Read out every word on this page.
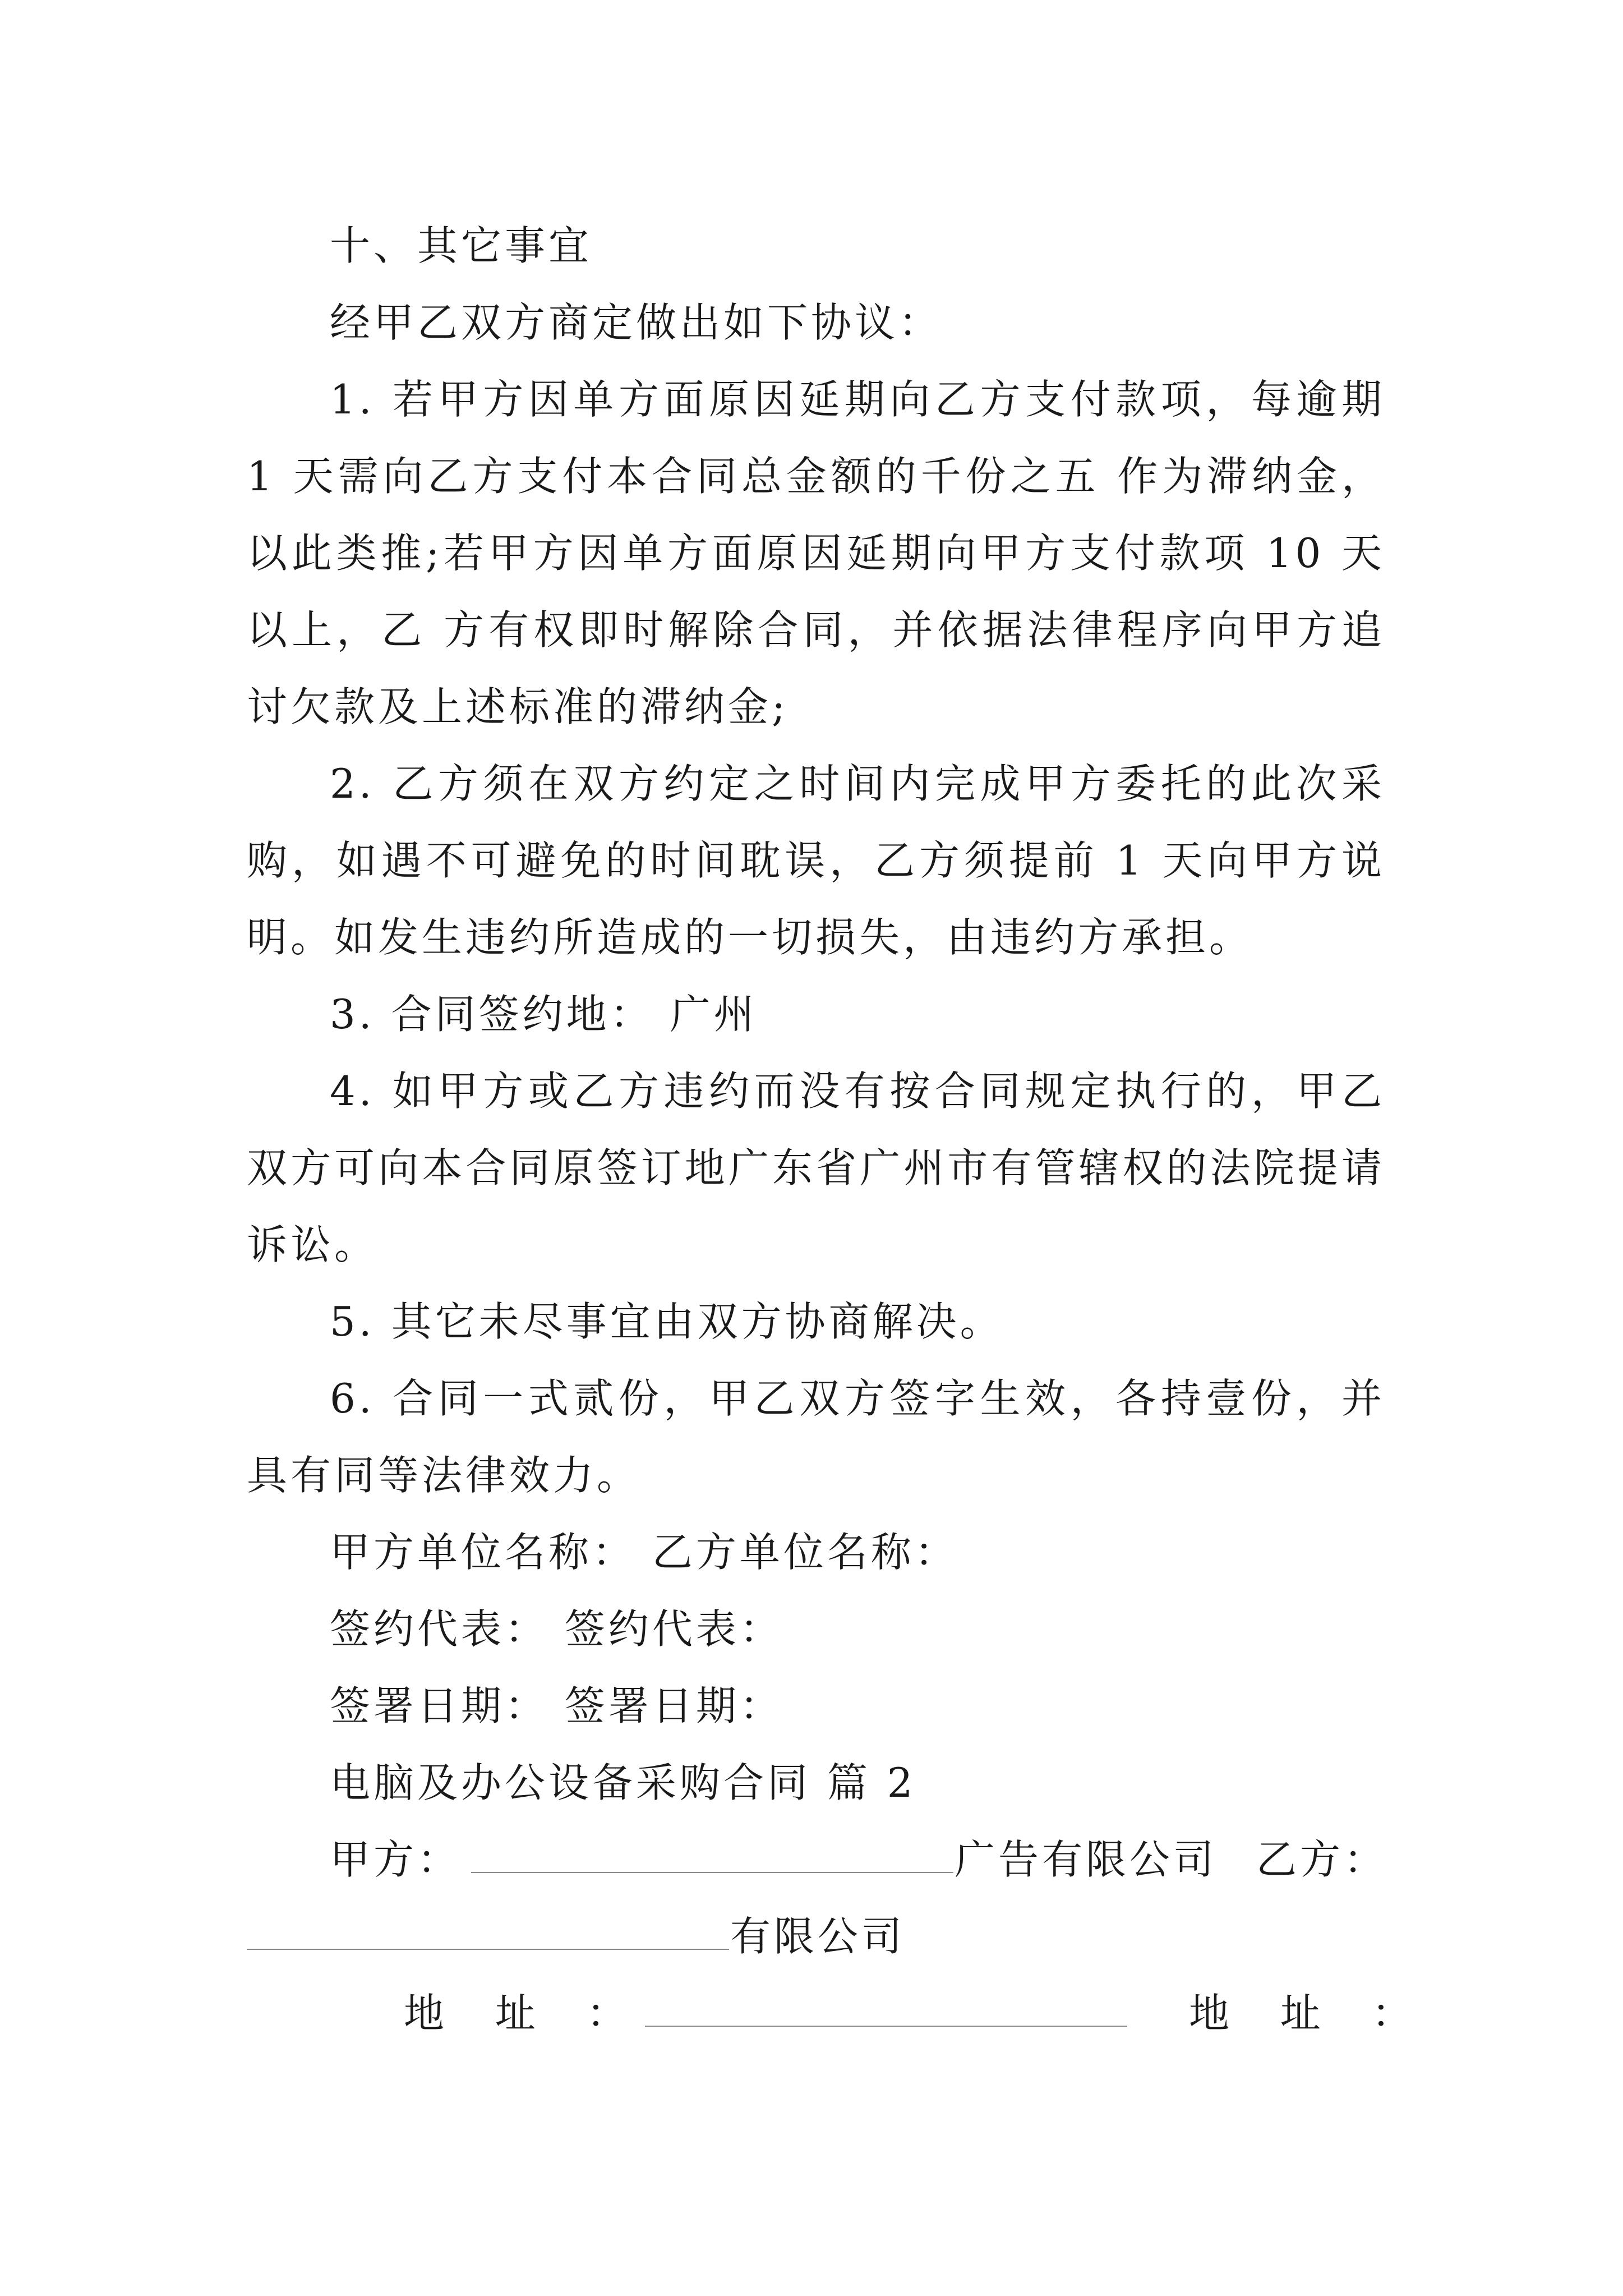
十、其它事宜

经甲乙双方商定做出如下协议：

1. 若甲方因单方面原因延期向乙方支付款项，每逾期 1 天需向乙方支付本合同总金额的千份之五 作为滞纳金，以此类推;若甲方因单方面原因延期向甲方支付款项 10 天以上，乙 方有权即时解除合同，并依据法律程序向甲方追讨欠款及上述标准的滞纳金;

2. 乙方须在双方约定之时间内完成甲方委托的此次采购，如遇不可避免的时间耽误，乙方须提前 1 天向甲方说明。如发生违约所造成的一切损失，由违约方承担。

3. 合同签约地： 广州

4. 如甲方或乙方违约而没有按合同规定执行的，甲乙双方可向本合同原签订地广东省广州市有管辖权的法院提请诉讼。

5. 其它未尽事宜由双方协商解决。

6. 合同一式贰份，甲乙双方签字生效，各持壹份，并具有同等法律效力。

甲方单位名称： 乙方单位名称：

签约代表： 签约代表：

签署日期： 签署日期：

电脑及办公设备采购合同 篇 2

甲方：	广告有限公司 乙方：
有限公司
地 址 ：	地 址 ：
